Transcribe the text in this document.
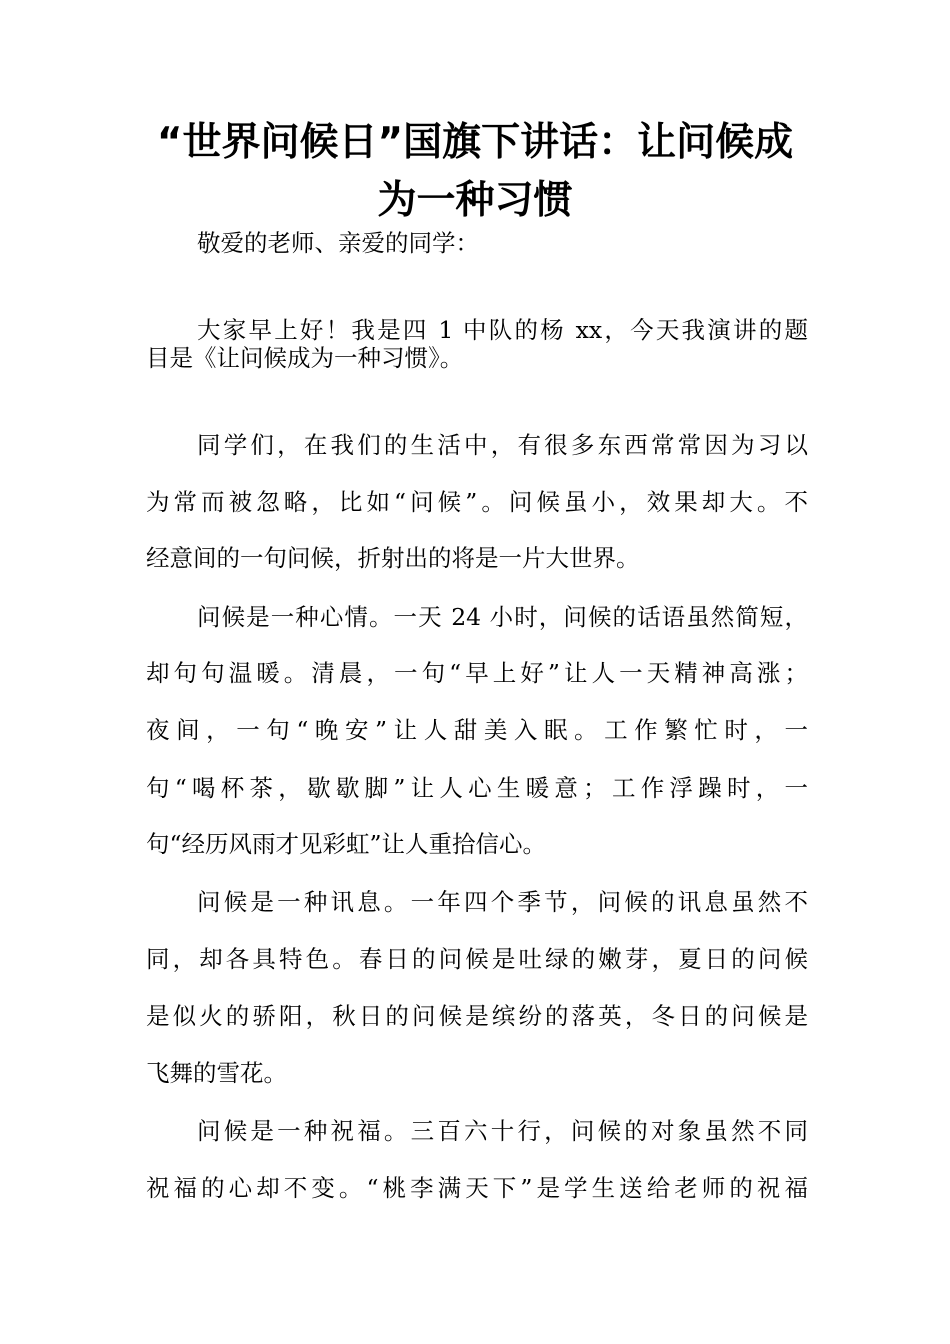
“世界问候日”国旗下讲话：让问候成
为一种习惯

敬爱的老师、亲爱的同学：

大家早上好！我是四 1 中队的杨 xx，今天我演讲的题

目是《让问候成为一种习惯》。

同学们，在我们的生活中，有很多东西常常因为习以

为常而被忽略，比如“问候”。问候虽小，效果却大。不

经意间的一句问候，折射出的将是一片大世界。

问候是一种心情。一天 24 小时，问候的话语虽然简短，

却句句温暖。清晨，一句“早上好”让人一天精神高涨；

夜间，一句“晚安”让人甜美入眠。工作繁忙时，一

句“喝杯茶，歇歇脚”让人心生暖意；工作浮躁时，一

句“经历风雨才见彩虹”让人重拾信心。

问候是一种讯息。一年四个季节，问候的讯息虽然不

同，却各具特色。春日的问候是吐绿的嫩芽，夏日的问候

是似火的骄阳，秋日的问候是缤纷的落英，冬日的问候是

飞舞的雪花。

问候是一种祝福。三百六十行，问候的对象虽然不同

祝福的心却不变。“桃李满天下”是学生送给老师的祝福
